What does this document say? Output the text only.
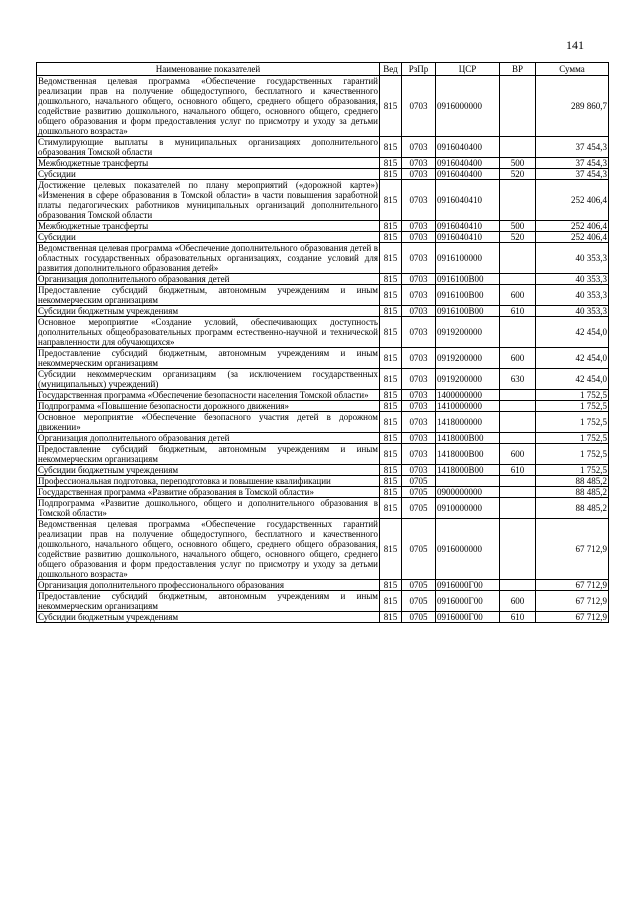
141
Наименование показателей	Вед	РзПр	ЦСР	ВР	Сумма
Ведомственная целевая программа «Обеспечение государственных гарантий реализации прав на получение общедоступного, бесплатного и качественного дошкольного, начального общего, основного общего, среднего общего образования, содействие развитию дошкольного, начального общего, основного общего, среднего общего образования и форм предоставления услуг по присмотру и уходу за детьми дошкольного возраста»	815	0703	0916000000		289 860,7
Стимулирующие выплаты в муниципальных организациях дополнительного образования Томской области	815	0703	0916040400		37 454,3
Межбюджетные трансферты	815	0703	0916040400	500	37 454,3
Субсидии	815	0703	0916040400	520	37 454,3
Достижение целевых показателей по плану мероприятий («дорожной карте») «Изменения в сфере образования в Томской области» в части повышения заработной платы педагогических работников муниципальных организаций дополнительного образования Томской области	815	0703	0916040410		252 406,4
Межбюджетные трансферты	815	0703	0916040410	500	252 406,4
Субсидии	815	0703	0916040410	520	252 406,4
Ведомственная целевая программа «Обеспечение дополнительного образования детей в областных государственных образовательных организациях, создание условий для развития дополнительного образования детей»	815	0703	0916100000		40 353,3
Организация дополнительного образования детей	815	0703	0916100В00		40 353,3
Предоставление субсидий бюджетным, автономным учреждениям и иным некоммерческим организациям	815	0703	0916100В00	600	40 353,3
Субсидии бюджетным учреждениям	815	0703	0916100В00	610	40 353,3
Основное мероприятие «Создание условий, обеспечивающих доступность дополнительных общеобразовательных программ естественно-научной и технической направленности для обучающихся»	815	0703	0919200000		42 454,0
Предоставление субсидий бюджетным, автономным учреждениям и иным некоммерческим организациям	815	0703	0919200000	600	42 454,0
Субсидии некоммерческим организациям (за исключением государственных (муниципальных) учреждений)	815	0703	0919200000	630	42 454,0
Государственная программа «Обеспечение безопасности населения Томской области»	815	0703	1400000000		1 752,5
Подпрограмма «Повышение безопасности дорожного движения»	815	0703	1410000000		1 752,5
Основное мероприятие «Обеспечение безопасного участия детей в дорожном движении»	815	0703	1418000000		1 752,5
Организация дополнительного образования детей	815	0703	1418000В00		1 752,5
Предоставление субсидий бюджетным, автономным учреждениям и иным некоммерческим организациям	815	0703	1418000В00	600	1 752,5
Субсидии бюджетным учреждениям	815	0703	1418000В00	610	1 752,5
Профессиональная подготовка, переподготовка и повышение квалификации	815	0705			88 485,2
Государственная программа «Развитие образования в Томской области»	815	0705	0900000000		88 485,2
Подпрограмма «Развитие дошкольного, общего и дополнительного образования в Томской области»	815	0705	0910000000		88 485,2
Ведомственная целевая программа «Обеспечение государственных гарантий реализации прав на получение общедоступного, бесплатного и качественного дошкольного, начального общего, основного общего, среднего общего образования, содействие развитию дошкольного, начального общего, основного общего, среднего общего образования и форм предоставления услуг по присмотру и уходу за детьми дошкольного возраста»	815	0705	0916000000		67 712,9
Организация дополнительного профессионального образования	815	0705	0916000Г00		67 712,9
Предоставление субсидий бюджетным, автономным учреждениям и иным некоммерческим организациям	815	0705	0916000Г00	600	67 712,9
Субсидии бюджетным учреждениям	815	0705	0916000Г00	610	67 712,9
